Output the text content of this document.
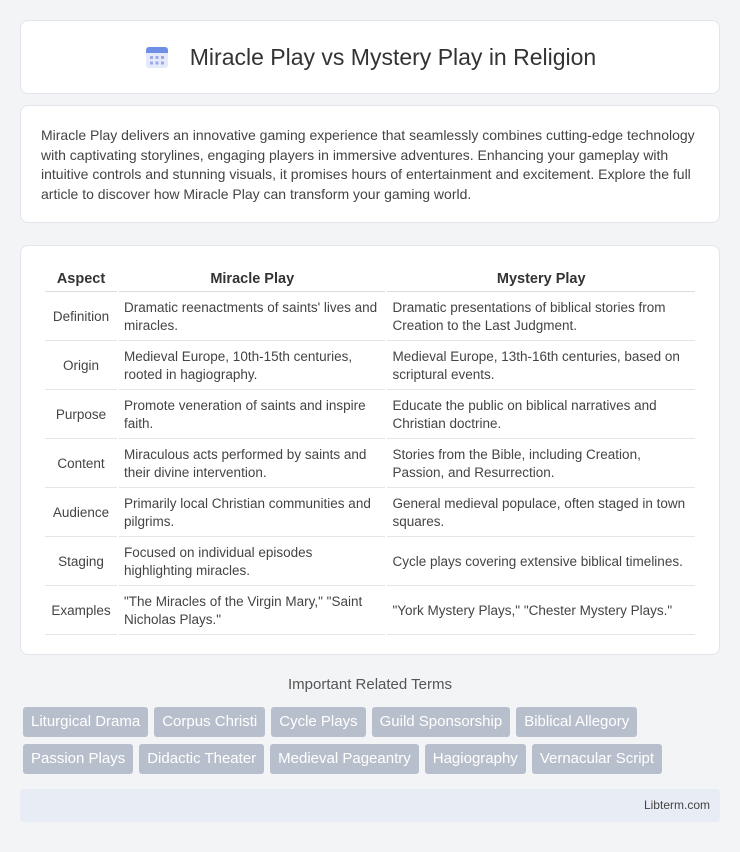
Miracle Play vs Mystery Play in Religion

Miracle Play delivers an innovative gaming experience that seamlessly combines cutting-edge technology with captivating storylines, engaging players in immersive adventures. Enhancing your gameplay with intuitive controls and stunning visuals, it promises hours of entertainment and excitement. Explore the full article to discover how Miracle Play can transform your gaming world.

Aspect	Miracle Play	Mystery Play
Definition	Dramatic reenactments of saints' lives and miracles.	Dramatic presentations of biblical stories from Creation to the Last Judgment.
Origin	Medieval Europe, 10th-15th centuries, rooted in hagiography.	Medieval Europe, 13th-16th centuries, based on scriptural events.
Purpose	Promote veneration of saints and inspire faith.	Educate the public on biblical narratives and Christian doctrine.
Content	Miraculous acts performed by saints and their divine intervention.	Stories from the Bible, including Creation, Passion, and Resurrection.
Audience	Primarily local Christian communities and pilgrims.	General medieval populace, often staged in town squares.
Staging	Focused on individual episodes highlighting miracles.	Cycle plays covering extensive biblical timelines.
Examples	"The Miracles of the Virgin Mary," "Saint Nicholas Plays."	"York Mystery Plays," "Chester Mystery Plays."
Important Related Terms
Liturgical Drama	Corpus Christi	Cycle Plays	Guild Sponsorship	Biblical Allegory
Passion Plays	Didactic Theater	Medieval Pageantry	Hagiography	Vernacular Script
Libterm.com
